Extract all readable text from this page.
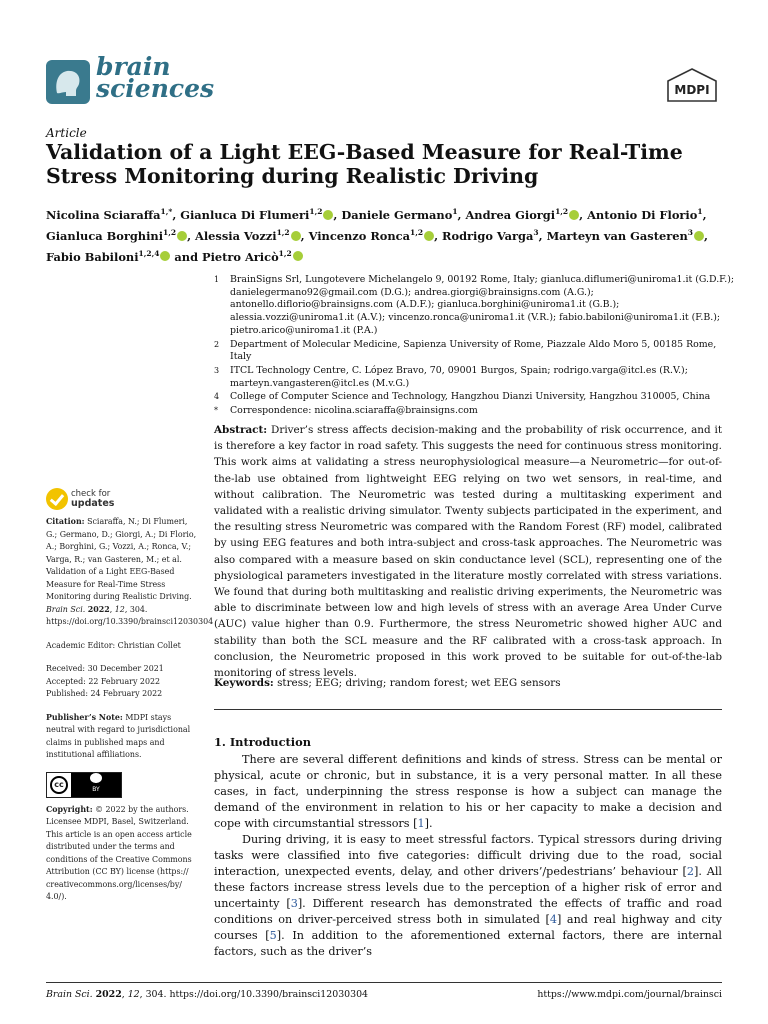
brain
sciences	MDPI
Article
Validation of a Light EEG-Based Measure for Real-Time Stress Monitoring during Realistic Driving
Nicolina Sciaraffa$^{1,*}$, Gianluca Di Flumeri$^{1,2}$ , Daniele Germano$^1$, Andrea Giorgi$^{1,2}$ , Antonio Di Florio$^1$, Gianluca Borghini$^{1,2}$ , Alessia Vozzi$^{1,2}$ , Vincenzo Ronca$^{1,2}$ , Rodrigo Varga$^3$, Marteyn van Gasteren$^3$ , Fabio Babiloni$^{1,2,4}$ and Pietro Aricò$^{1,2}$
1	BrainSigns Srl, Lungotevere Michelangelo 9, 00192 Rome, Italy; gianluca.diflumeri@uniroma1.it (G.D.F.); danielegermano92@gmail.com (D.G.); andrea.giorgi@brainsigns.com (A.G.); antonello.diflorio@brainsigns.com (A.D.F.); gianluca.borghini@uniroma1.it (G.B.); alessia.vozzi@uniroma1.it (A.V.); vincenzo.ronca@uniroma1.it (V.R.); fabio.babiloni@uniroma1.it (F.B.); pietro.arico@uniroma1.it (P.A.)
2	Department of Molecular Medicine, Sapienza University of Rome, Piazzale Aldo Moro 5, 00185 Rome, Italy
3	ITCL Technology Centre, C. López Bravo, 70, 09001 Burgos, Spain; rodrigo.varga@itcl.es (R.V.); marteyn.vangasteren@itcl.es (M.v.G.)
4	College of Computer Science and Technology, Hangzhou Dianzi University, Hangzhou 310005, China
*	Correspondence: nicolina.sciaraffa@brainsigns.com

Abstract: Driver’s stress affects decision-making and the probability of risk occurrence, and it is therefore a key factor in road safety. This suggests the need for continuous stress monitoring. This work aims at validating a stress neurophysiological measure—a Neurometric—for out-of-the-lab use obtained from lightweight EEG relying on two wet sensors, in real-time, and without calibration. The Neurometric was tested during a multitasking experiment and validated with a realistic driving simulator. Twenty subjects participated in the experiment, and the resulting stress Neurometric was compared with the Random Forest (RF) model, calibrated by using EEG features and both intra-subject and cross-task approaches. The Neurometric was also compared with a measure based on skin conductance level (SCL), representing one of the physiological parameters investigated in the literature mostly correlated with stress variations. We found that during both multitasking and realistic driving experiments, the Neurometric was able to discriminate between low and high levels of stress with an average Area Under Curve (AUC) value higher than 0.9. Furthermore, the stress Neurometric showed higher AUC and stability than both the SCL measure and the RF calibrated with a cross-task approach. In conclusion, the Neurometric proposed in this work proved to be suitable for out-of-the-lab monitoring of stress levels.

Keywords: stress; EEG; driving; random forest; wet EEG sensors
1. Introduction

There are several different definitions and kinds of stress. Stress can be mental or physical, acute or chronic, but in substance, it is a very personal matter. In all these cases, in fact, underpinning the stress response is how a subject can manage the demand of the environment in relation to his or her capacity to make a decision and cope with circumstantial stressors [1].

During driving, it is easy to meet stressful factors. Typical stressors during driving tasks were classified into five categories: difficult driving due to the road, social interaction, unexpected events, delay, and other drivers’/pedestrians’ behaviour [2]. All these factors increase stress levels due to the perception of a higher risk of error and uncertainty [3]. Different research has demonstrated the effects of traffic and road conditions on driver-perceived stress both in simulated [4] and real highway and city courses [5]. In addition to the aforementioned external factors, there are internal factors, such as the driver’s

check for
updates

Citation: Sciaraffa, N.; Di Flumeri, G.; Germano, D.; Giorgi, A.; Di Florio, A.; Borghini, G.; Vozzi, A.; Ronca, V.; Varga, R.; van Gasteren, M.; et al. Validation of a Light EEG-Based Measure for Real-Time Stress Monitoring during Realistic Driving. Brain Sci. 2022, 12, 304. https://doi.org/10.3390/brainsci12030304

Academic Editor: Christian Collet

Received: 30 December 2021

Accepted: 22 February 2022

Published: 24 February 2022

Publisher’s Note: MDPI stays neutral with regard to jurisdictional claims in published maps and institutional affiliations.

cc
BY

Copyright: © 2022 by the authors. Licensee MDPI, Basel, Switzerland. This article is an open access article distributed under the terms and conditions of the Creative Commons Attribution (CC BY) license (https:// creativecommons.org/licenses/by/ 4.0/).

Brain Sci. 2022, 12, 304. https://doi.org/10.3390/brainsci12030304	https://www.mdpi.com/journal/brainsci
